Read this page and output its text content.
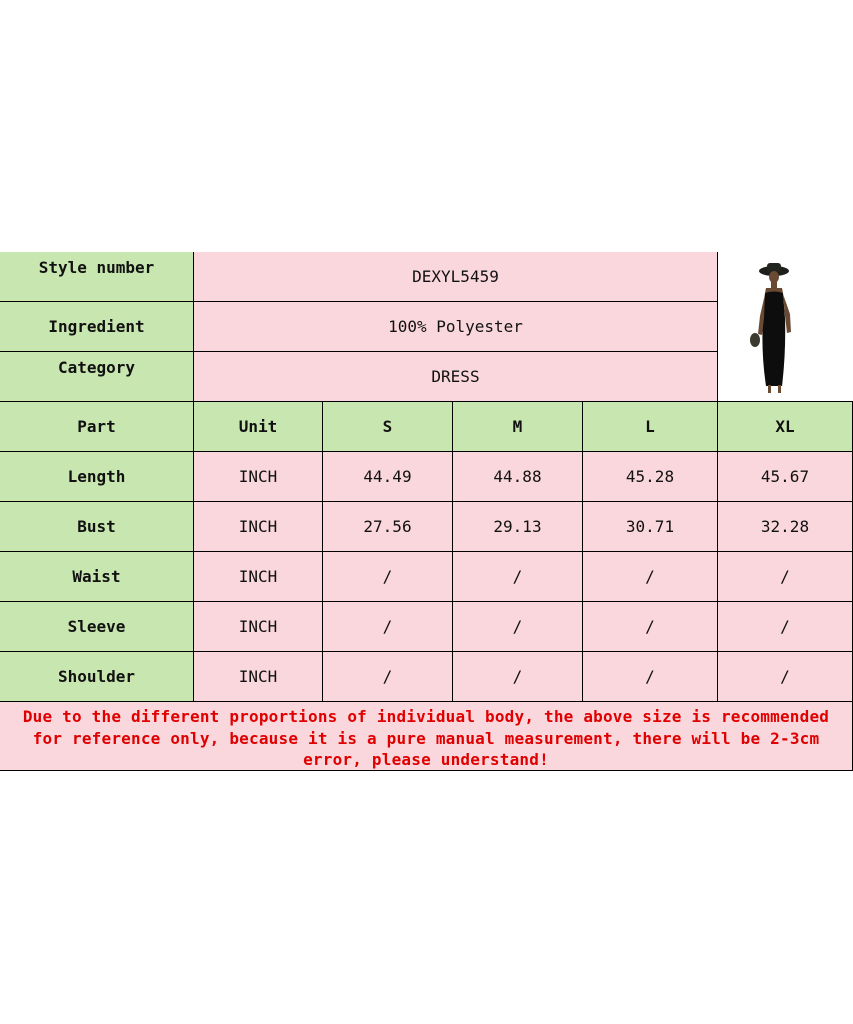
Style number	DEXYL5459
Ingredient	100% Polyester
Category	DRESS
Part	Unit	S	M	L	XL
Length	INCH	44.49	44.88	45.28	45.67
Bust	INCH	27.56	29.13	30.71	32.28
Waist	INCH	/	/	/	/
Sleeve	INCH	/	/	/	/
Shoulder	INCH	/	/	/	/
Due to the different proportions of individual body, the above size is recommended for reference only, because it is a pure manual measurement, there will be 2-3cm error, please understand!
